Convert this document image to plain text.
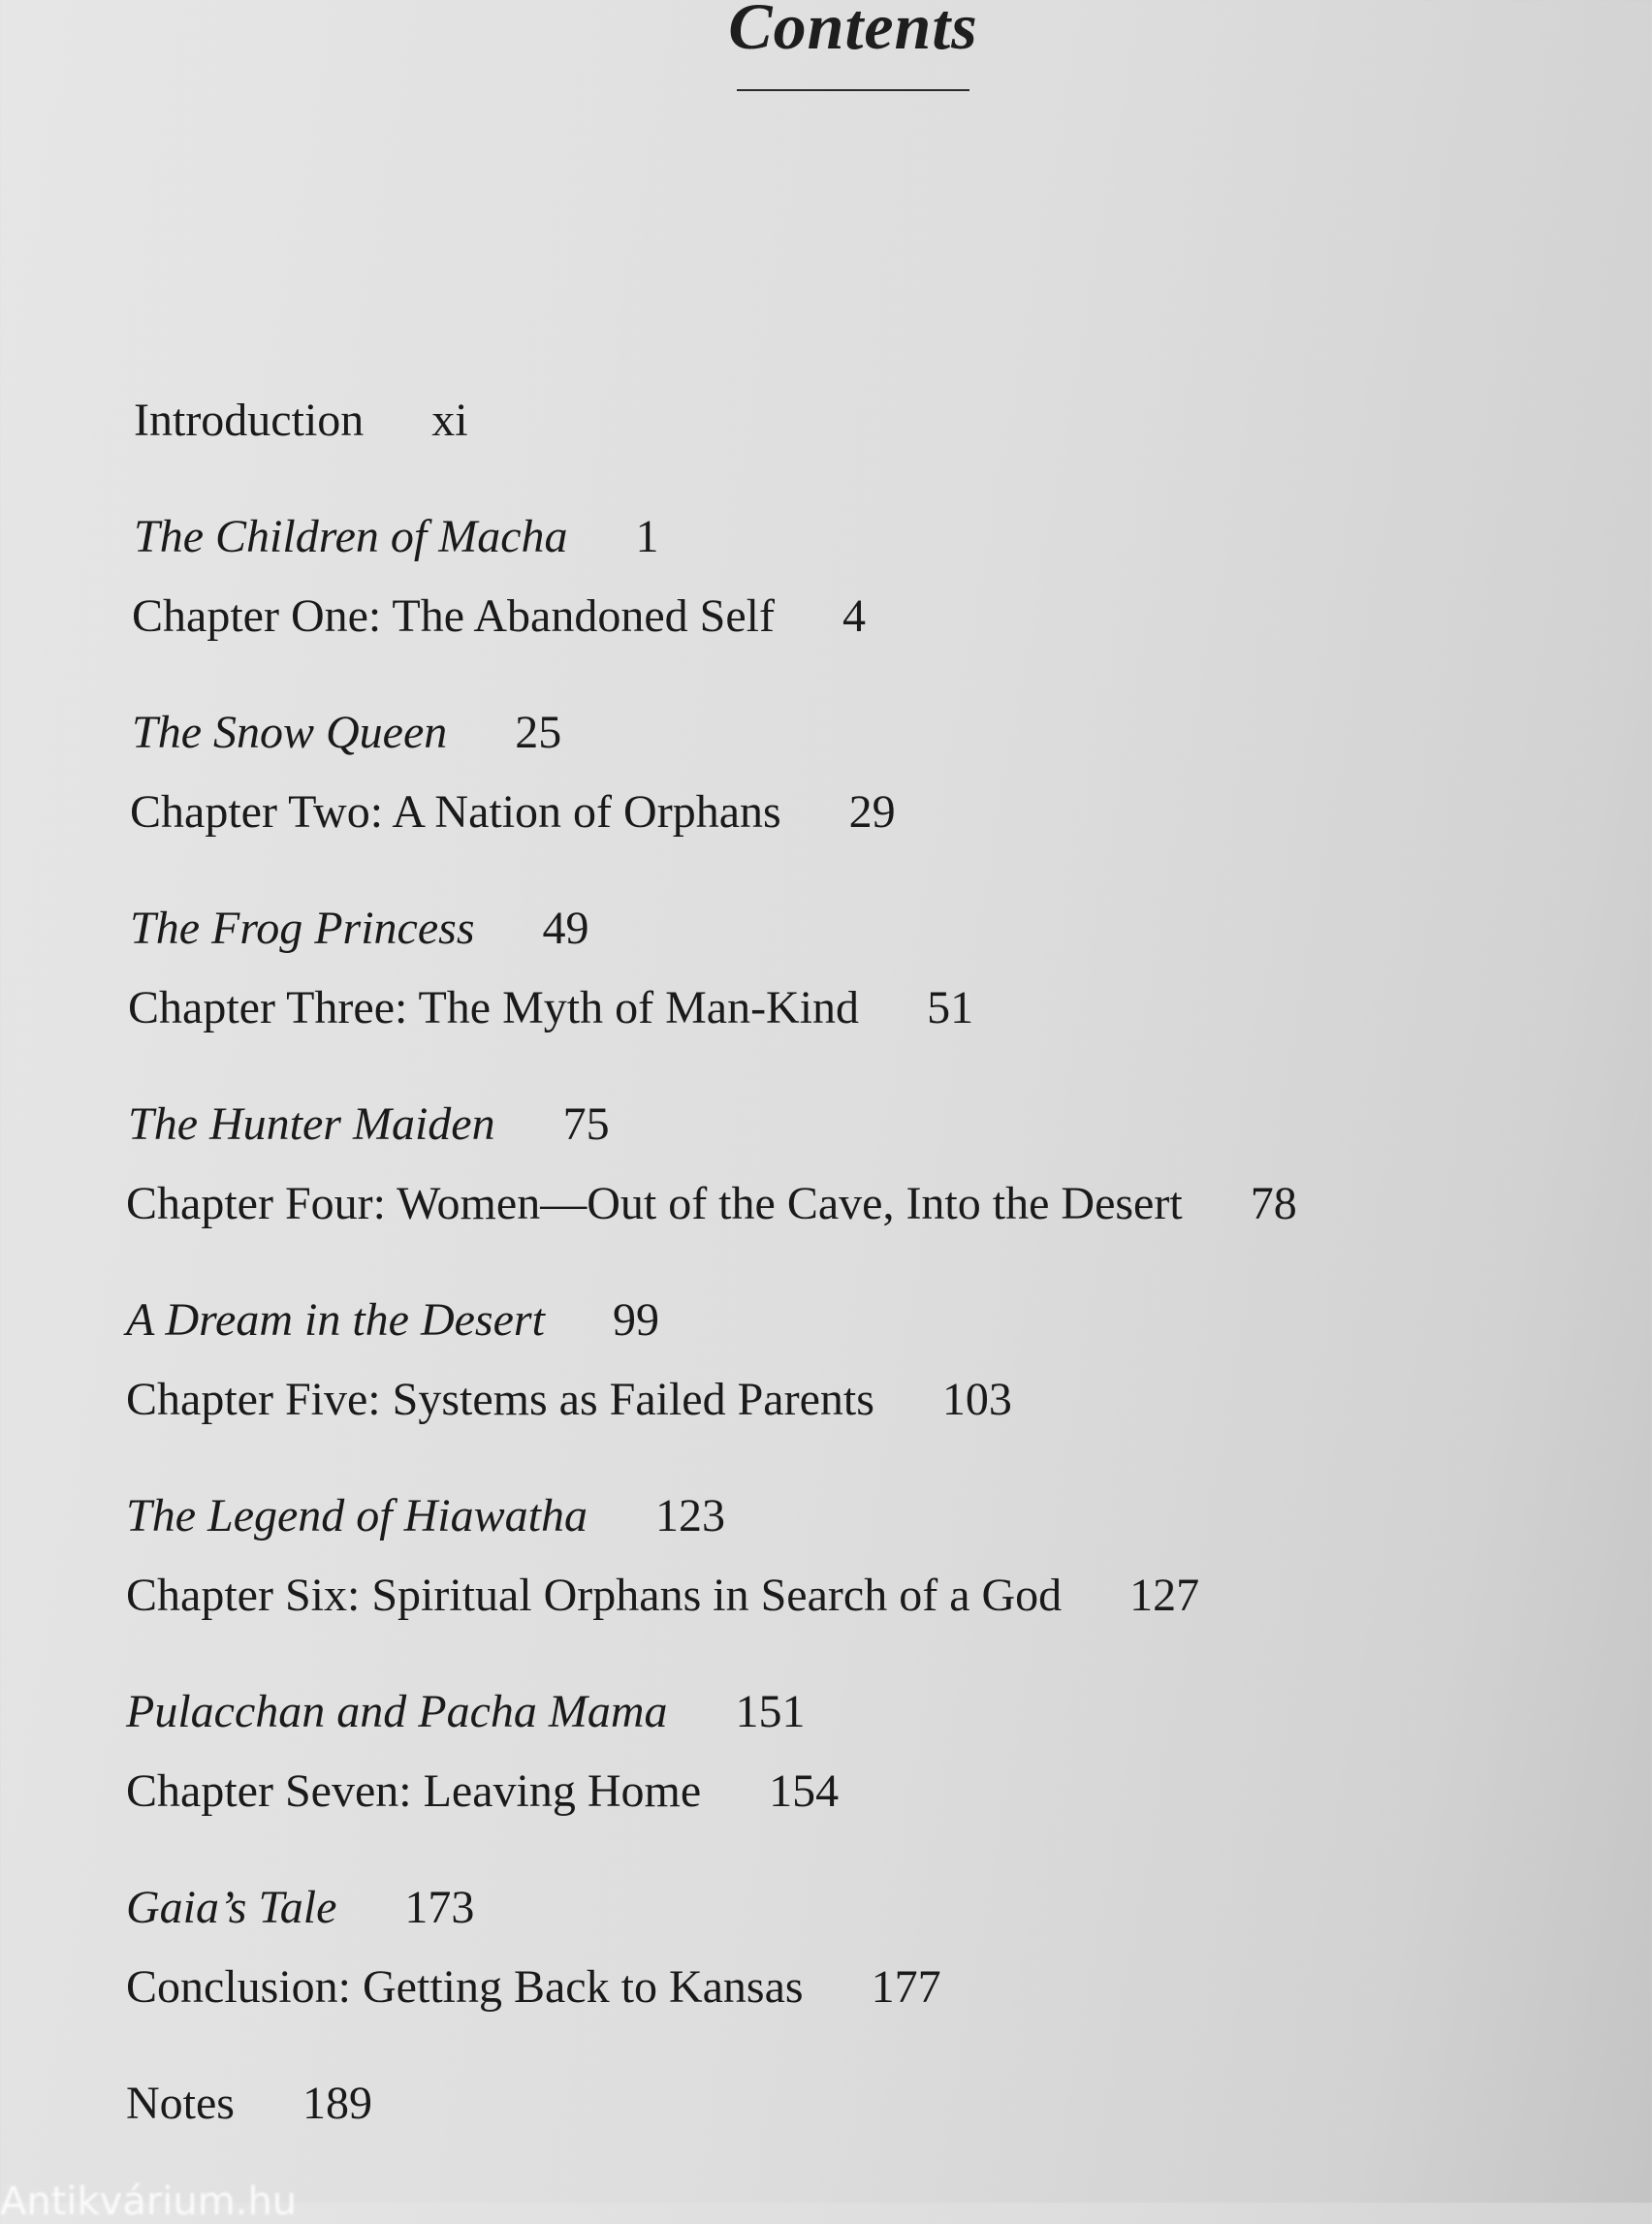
Contents
Introduction xi
The Children of Macha 1
Chapter One: The Abandoned Self 4
The Snow Queen 25
Chapter Two: A Nation of Orphans 29
The Frog Princess 49
Chapter Three: The Myth of Man-Kind 51
The Hunter Maiden 75
Chapter Four: Women—Out of the Cave, Into the Desert 78
A Dream in the Desert 99
Chapter Five: Systems as Failed Parents 103
The Legend of Hiawatha 123
Chapter Six: Spiritual Orphans in Search of a God 127
Pulacchan and Pacha Mama 151
Chapter Seven: Leaving Home 154
Gaia’s Tale 173
Conclusion: Getting Back to Kansas 177
Notes 189
Antikvárium.hu
